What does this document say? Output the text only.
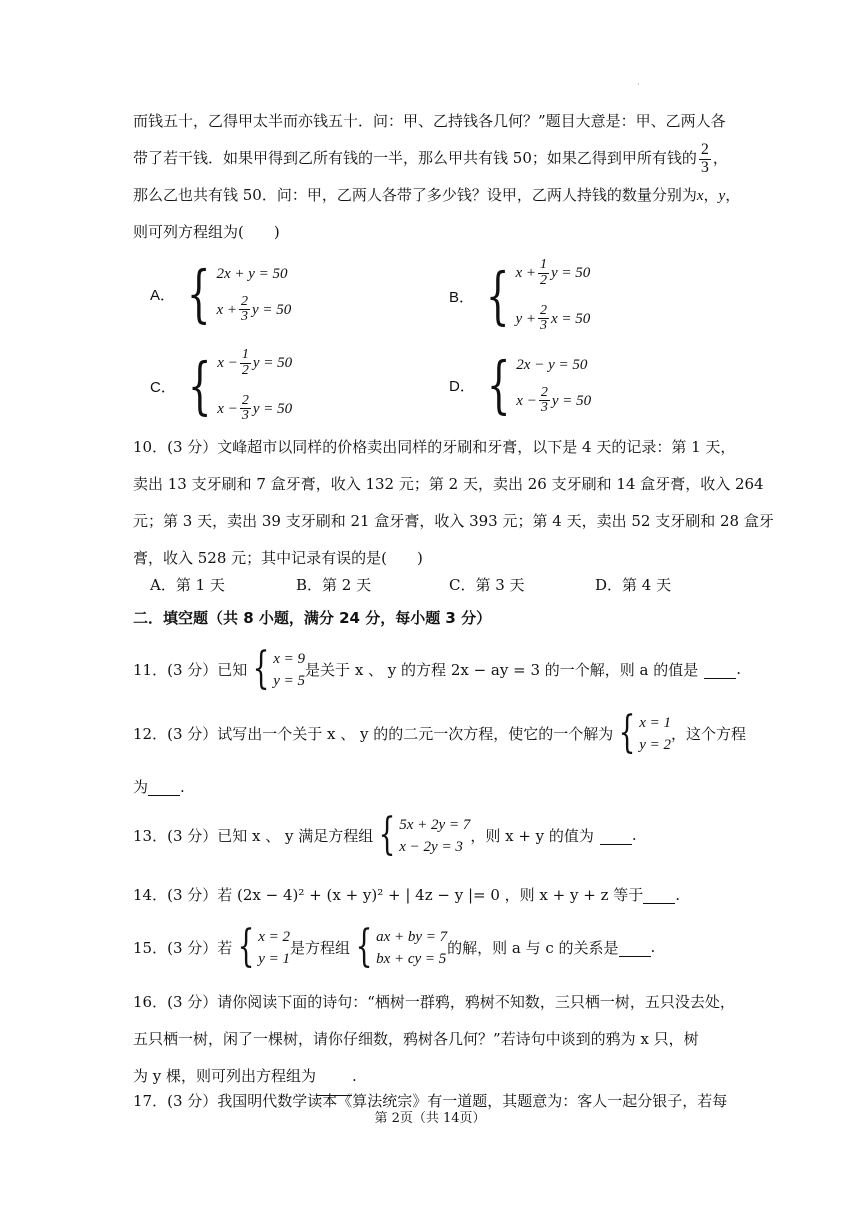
·
而钱五十，乙得甲太半而亦钱五十．问：甲、乙持钱各几何？”题目大意是：甲、乙两人各
带了若干钱．如果甲得到乙所有钱的一半，那么甲共有钱 50；如果乙得到甲所有钱的 $\frac{2}{3}$ ，
那么乙也共有钱 50．问：甲，乙两人各带了多少钱？设甲，乙两人持钱的数量分别为x，y，
则可列方程组为(　　)
A． { 2x + y = 50
$x + \frac{2}{3}$ y = 50
B． { $x + \frac{1}{2}$ y = 50
$y + \frac{2}{3}$ x = 50
C． { $x - \frac{1}{2}$ y = 50
$x - \frac{2}{3}$ y = 50
D． { 2x − y = 50
$x - \frac{2}{3}$ y = 50
10．(3 分）文峰超市以同样的价格卖出同样的牙刷和牙膏，以下是 4 天的记录：第 1 天，
卖出 13 支牙刷和 7 盒牙膏，收入 132 元；第 2 天，卖出 26 支牙刷和 14 盒牙膏，收入 264
元；第 3 天，卖出 39 支牙刷和 21 盒牙膏，收入 393 元；第 4 天，卖出 52 支牙刷和 28 盒牙
膏，收入 528 元；其中记录有误的是(　　)
A．第 1 天	B．第 2 天	C．第 3 天	D．第 4 天
二．填空题（共 8 小题，满分 24 分，每小题 3 分）
11．(3 分）已知 { x = 9
y = 5
是关于 x 、 y 的方程 2x − ay = 3 的一个解，则 a 的值是
	.
12．(3 分）试写出一个关于 x 、 y 的的二元一次方程，使它的一个解为 { x = 1
y = 2
，这个方程
为
.
13．(3 分）已知 x 、 y 满足方程组 { 5x + 2y = 7
x − 2y = 3
，则 x + y 的值为
	.
14．(3 分）若 (2x − 4)² + (x + y)² + | 4z − y |= 0 ，则 x + y + z 等于
.
15．(3 分）若 { x = 2
y = 1
是方程组 { ax + by = 7
bx + cy = 5
的解，则 a 与 c 的关系是
.
16．(3 分）请你阅读下面的诗句：“栖树一群鸦，鸦树不知数，三只栖一树，五只没去处，
五只栖一树，闲了一棵树，请你仔细数，鸦树各几何？”若诗句中谈到的鸦为 x 只，树
为 y 棵，则可列出方程组为 .
17．(3 分）我国明代数学读本《算法统宗》有一道题，其题意为：客人一起分银子，若每
第 2页（共 14页）
